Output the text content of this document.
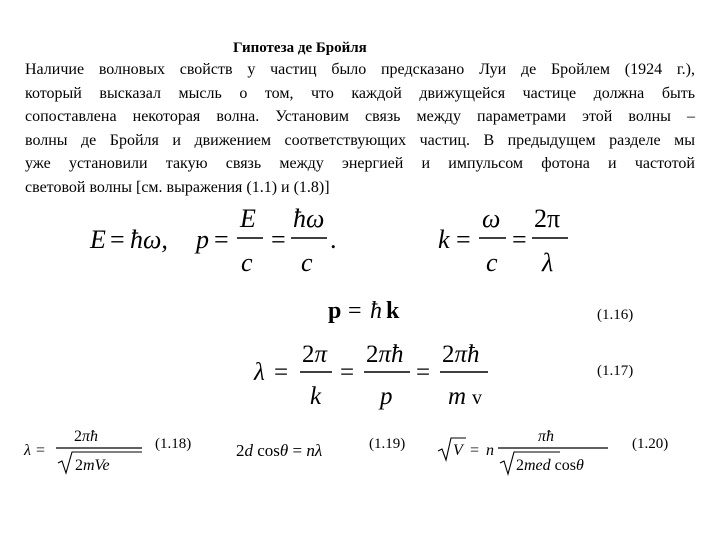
Гипотеза де Бройля
Наличие волновых свойств у частиц было предсказано Луи де Бройлем (1924 г.),
который высказал мысль о том, что каждой движущейся частице должна быть
сопоставлена некоторая волна. Установим связь между параметрами этой волны –
волны де Бройля и движением соответствующих частиц. В предыдущем разделе мы
уже установили такую связь между энергией и импульсом фотона и частотой
световой волны [см. выражения (1.1) и (1.8)]
E = ħω, p =
E
c
=
ħω
c
.	k =
ω
c
=
2π
λ
p = ħ k	(1.16)
λ =
2π
k
=
2πħ
p
=
2πħ
m v
(1.17)
λ =
2πħ
2mVe
(1.18)	2d cosθ = nλ	(1.19)	V = n
πħ
2med cosθ
(1.20)
